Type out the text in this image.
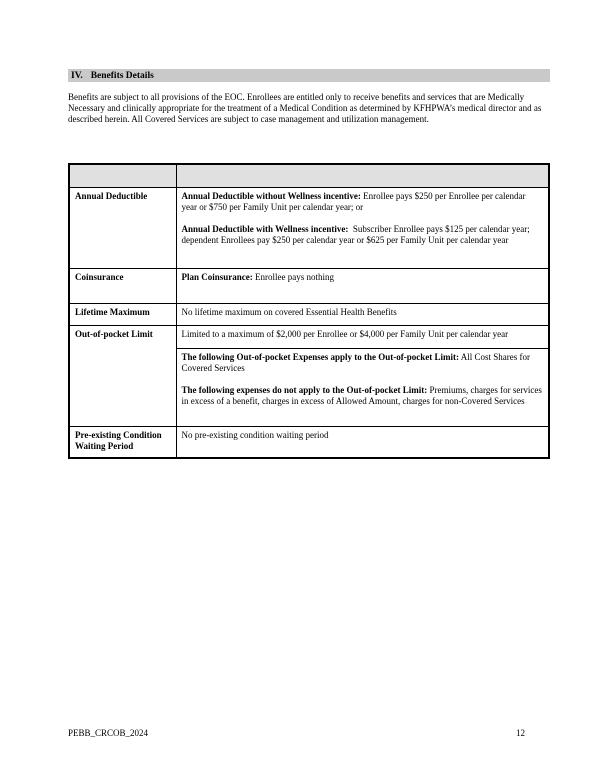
IV. Benefits Details
Benefits are subject to all provisions of the EOC. Enrollees are entitled only to receive benefits and services that are Medically Necessary and clinically appropriate for the treatment of a Medical Condition as determined by KFHPWA’s medical director and as described herein. All Covered Services are subject to case management and utilization management.

Annual Deductible	Annual Deductible without Wellness incentive: Enrollee pays $250 per Enrollee per calendar year or $750 per Family Unit per calendar year; or
Annual Deductible with Wellness incentive:  Subscriber Enrollee pays $125 per calendar year; dependent Enrollees pay $250 per calendar year or $625 per Family Unit per calendar year

Coinsurance	Plan Coinsurance: Enrollee pays nothing

Lifetime Maximum	No lifetime maximum on covered Essential Health Benefits

Out-of-pocket Limit	Limited to a maximum of $2,000 per Enrollee or $4,000 per Family Unit per calendar year

	The following Out-of-pocket Expenses apply to the Out-of-pocket Limit: All Cost Shares for Covered Services
The following expenses do not apply to the Out-of-pocket Limit: Premiums, charges for services in excess of a benefit, charges in excess of Allowed Amount, charges for non-Covered Services

Pre-existing Condition Waiting Period	No pre-existing condition waiting period
PEBB_CRCOB_2024	12
